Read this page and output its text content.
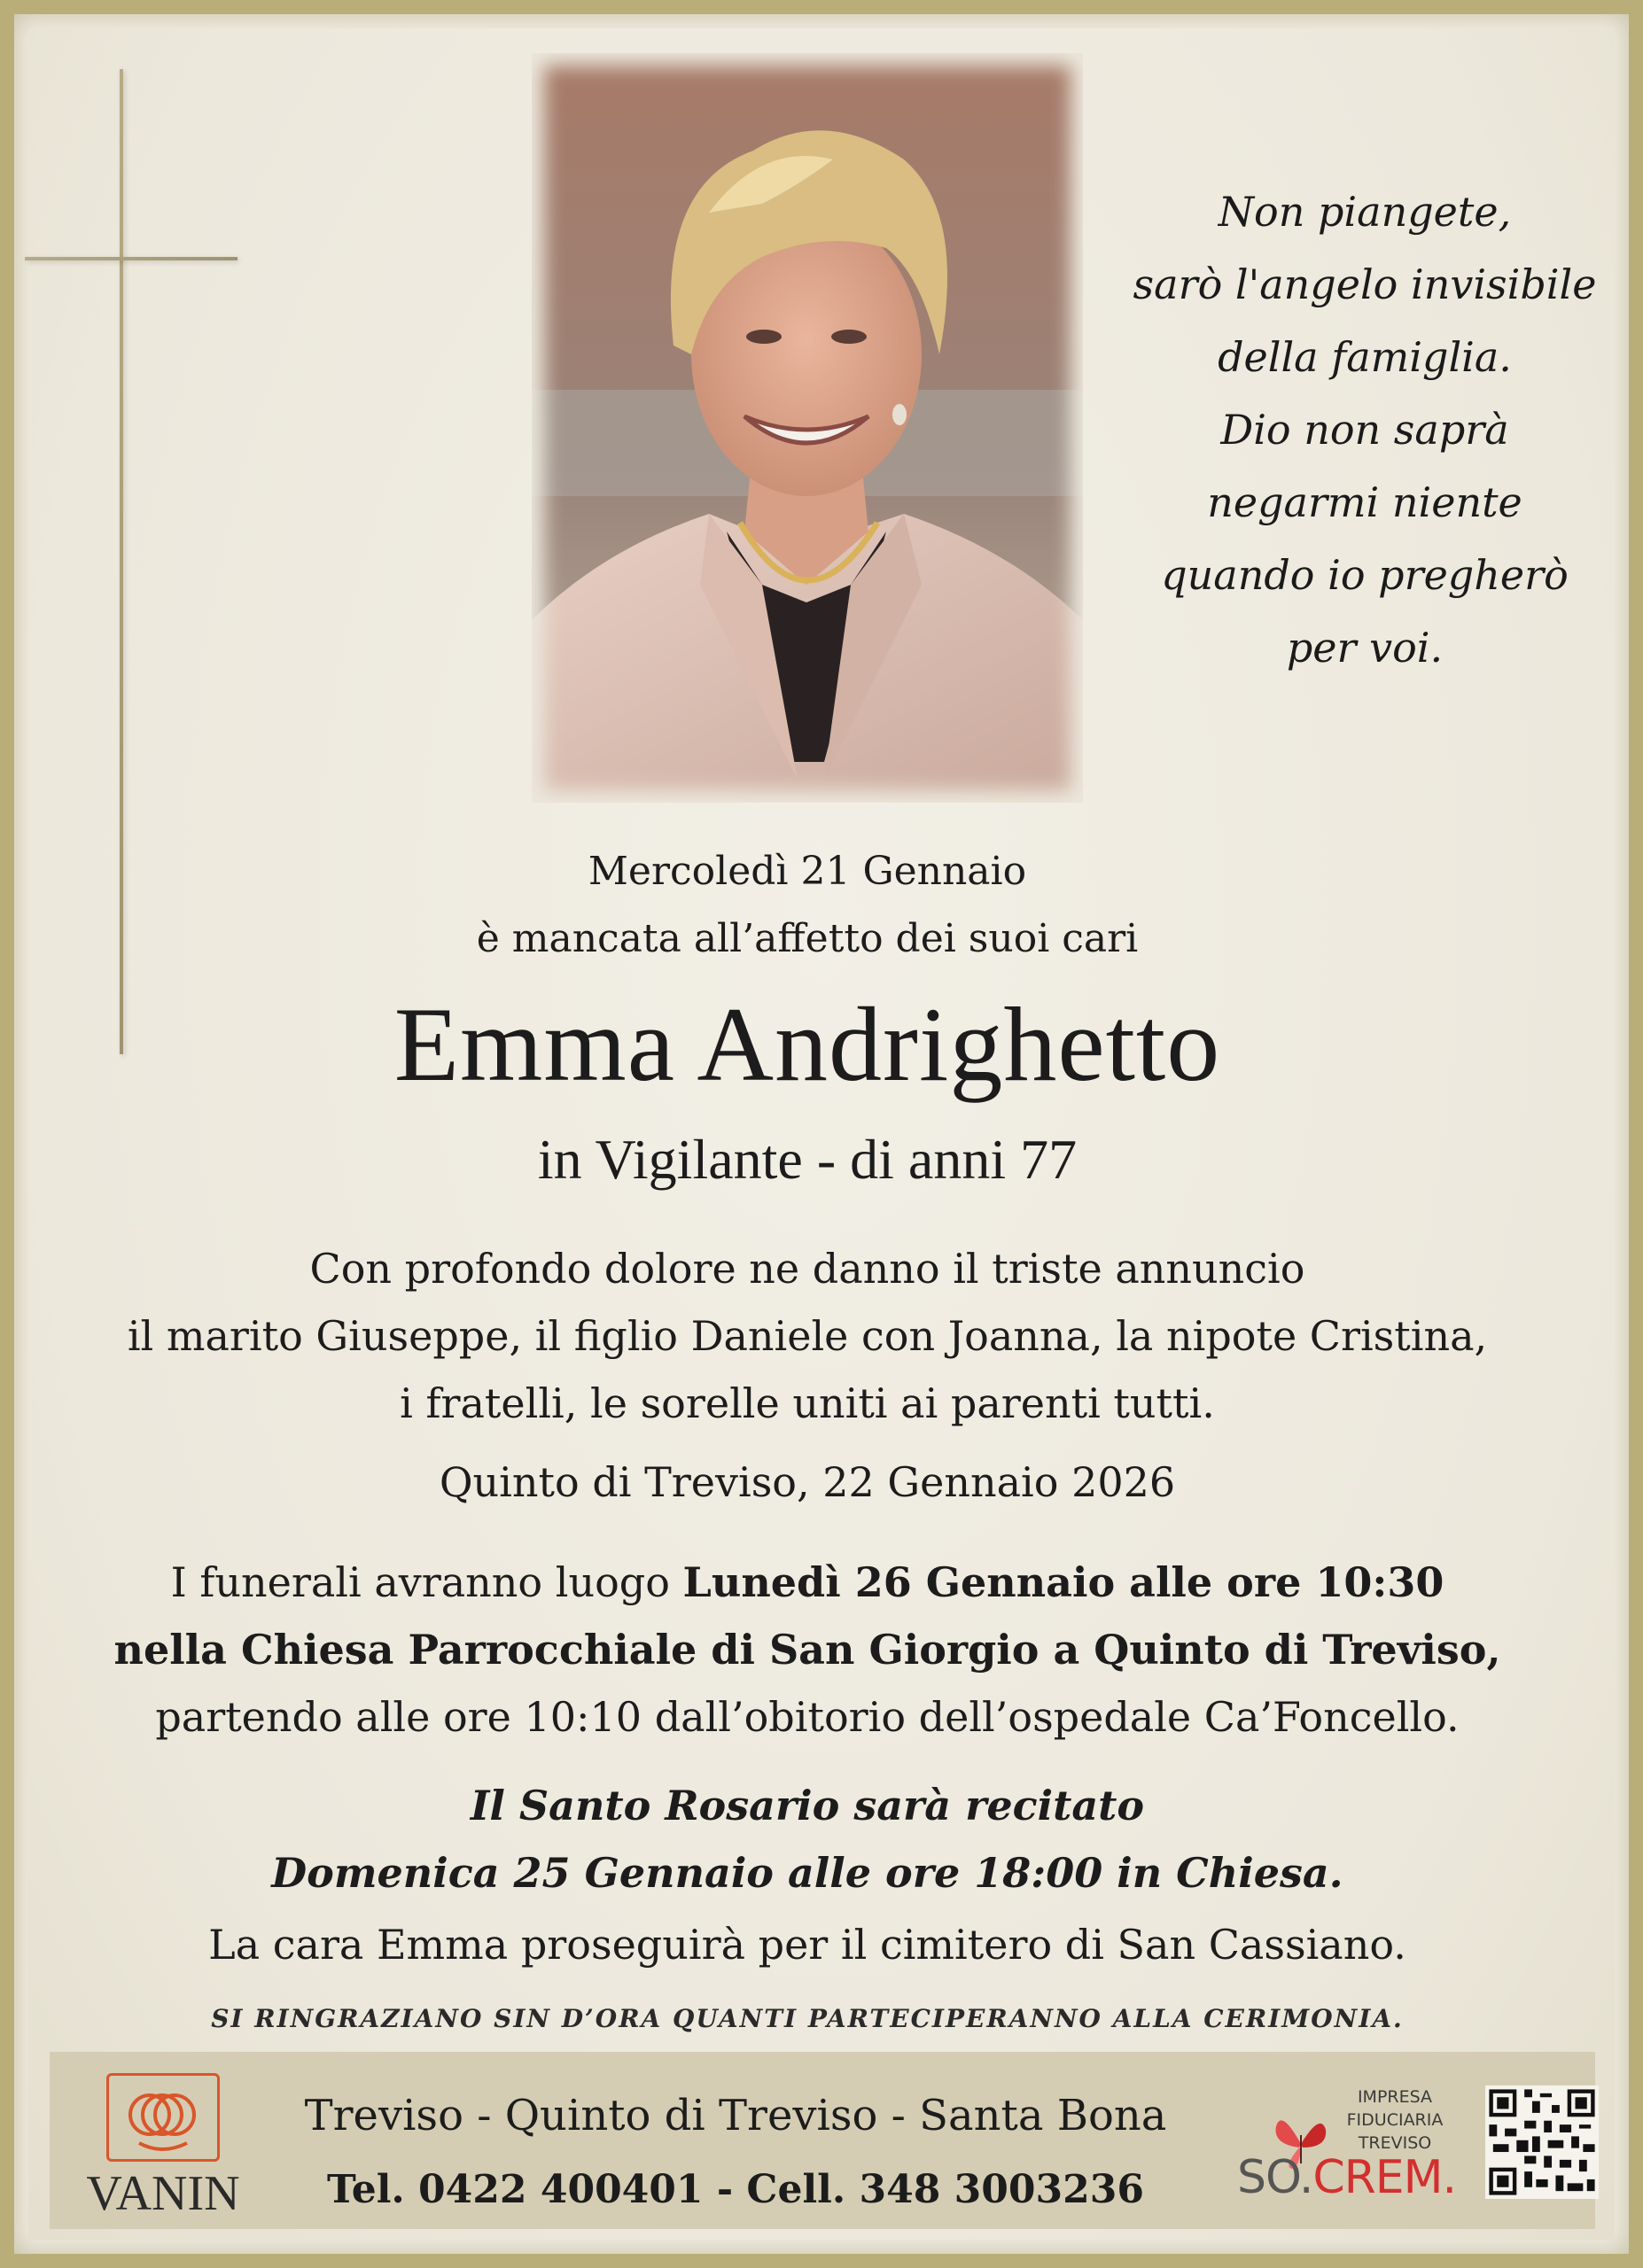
Non piangete,
sarò l'angelo invisibile
della famiglia.
Dio non saprà
negarmi niente
quando io pregherò
per voi.
Mercoledì 21 Gennaio
è mancata all’affetto dei suoi cari
Emma Andrighetto
in Vigilante - di anni 77
Con profondo dolore ne danno il triste annuncio
il marito Giuseppe, il figlio Daniele con Joanna, la nipote Cristina,
i fratelli, le sorelle uniti ai parenti tutti.
Quinto di Treviso, 22 Gennaio 2026
I funerali avranno luogo Lunedì 26 Gennaio alle ore 10:30
nella Chiesa Parrocchiale di San Giorgio a Quinto di Treviso,
partendo alle ore 10:10 dall’obitorio dell’ospedale Ca’Foncello.
Il Santo Rosario sarà recitato
Domenica 25 Gennaio alle ore 18:00 in Chiesa.
La cara Emma proseguirà per il cimitero di San Cassiano.
SI RINGRAZIANO SIN D’ORA QUANTI PARTECIPERANNO ALLA CERIMONIA.
VANIN
Treviso - Quinto di Treviso - Santa Bona
Tel. 0422 400401 - Cell. 348 3003236
IMPRESA
FIDUCIARIA
TREVISO
SO.CREM.
